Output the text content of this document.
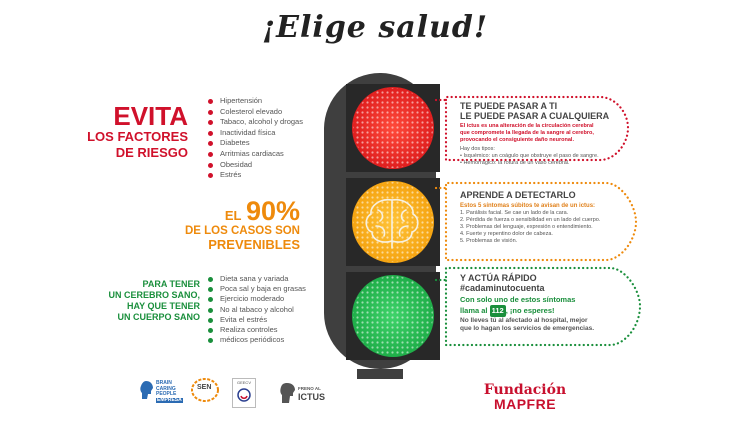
¡Elige salud!
EVITA
LOS FACTORES
DE RIESGO
Hipertensión
Colesterol elevado
Tabaco, alcohol y drogas
Inactividad física
Diabetes
Arritmias cardiacas
Obesidad
Estrés
EL 90%
DE LOS CASOS SON
PREVENIBLES
PARA TENER
UN CEREBRO SANO,
HAY QUE TENER
UN CUERPO SANO
Dieta sana y variada
Poca sal y baja en grasas
Ejercicio moderado
No al tabaco y alcohol
Evita el estrés
Realiza controles
médicos periódicos
TE PUEDE PASAR A TI
LE PUEDE PASAR A CUALQUIERA
El ictus es una alteración de la circulación cerebral
que compromete la llegada de la sangre al cerebro,
provocando el consiguiente daño neuronal.
Hay dos tipos:
• Isquémico: un coágulo que obstruye el paso de sangre.
• Hemorrágico: la rotura de un vaso cerebral.
APRENDE A DETECTARLO
Estos 5 síntomas súbitos te avisan de un ictus:
1. Parálisis facial. Se cae un lado de la cara.
2. Pérdida de fuerza o sensibilidad en un lado del cuerpo.
3. Problemas del lenguaje, expresión o entendimiento.
4. Fuerte y repentino dolor de cabeza.
5. Problemas de visión.
Y ACTÚA RÁPIDO
#cadaminutocuenta
Con solo uno de estos síntomas
llama al 112 , ¡no esperes!
No lleves tú al afectado al hospital, mejor
que lo hagan los servicios de emergencias.
BRAIN
CARING
PEOPLE
EMPRESA
SEN
GEECV
FRENO AL
ICTUS	Fundación
MAPFRE
